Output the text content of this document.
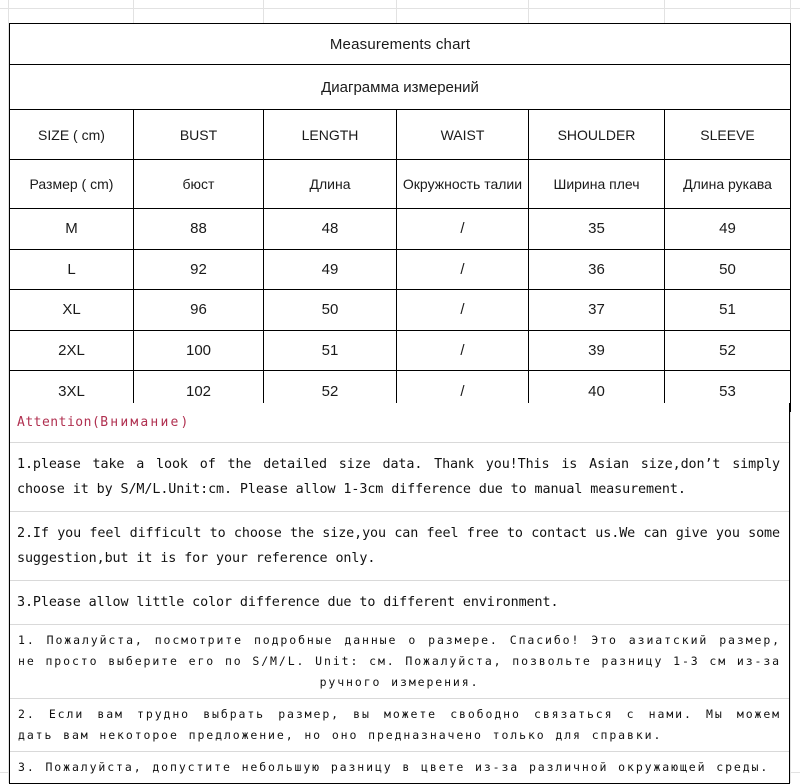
Measurements chart					
Диаграмма измерений					
SIZE ( cm)	BUST	LENGTH	WAIST	SHOULDER	SLEEVE
Размер ( cm)	бюст	Длина	Окружность талии	Ширина плеч	Длина рукава
M	88	48	/	35	49
L	92	49	/	36	50
XL	96	50	/	37	51
2XL	100	51	/	39	52
3XL	102	52	/	40	53
Attention( Внимание )
1.please take a look of the detailed size data. Thank you!This is Asian size,don’t simply choose it by S/M/L.Unit:cm. Please allow 1-3cm difference due to manual measurement.
2.If you feel difficult to choose the size,you can feel free to contact us.We can give you some suggestion,but it is for your reference only.
3.Please allow little color difference due to different environment.
1. Пожалуйста, посмотрите подробные данные о размере. Спасибо! Это азиатский размер, не просто выберите его по S/M/L. Unit: см. Пожалуйста, позвольте разницу 1-3 см из-за ручного измерения.
2. Если вам трудно выбрать размер, вы можете свободно связаться с нами. Мы можем дать вам некоторое предложение, но оно предназначено только для справки.
3. Пожалуйста, допустите небольшую разницу в цвете из-за различной окружающей среды.
